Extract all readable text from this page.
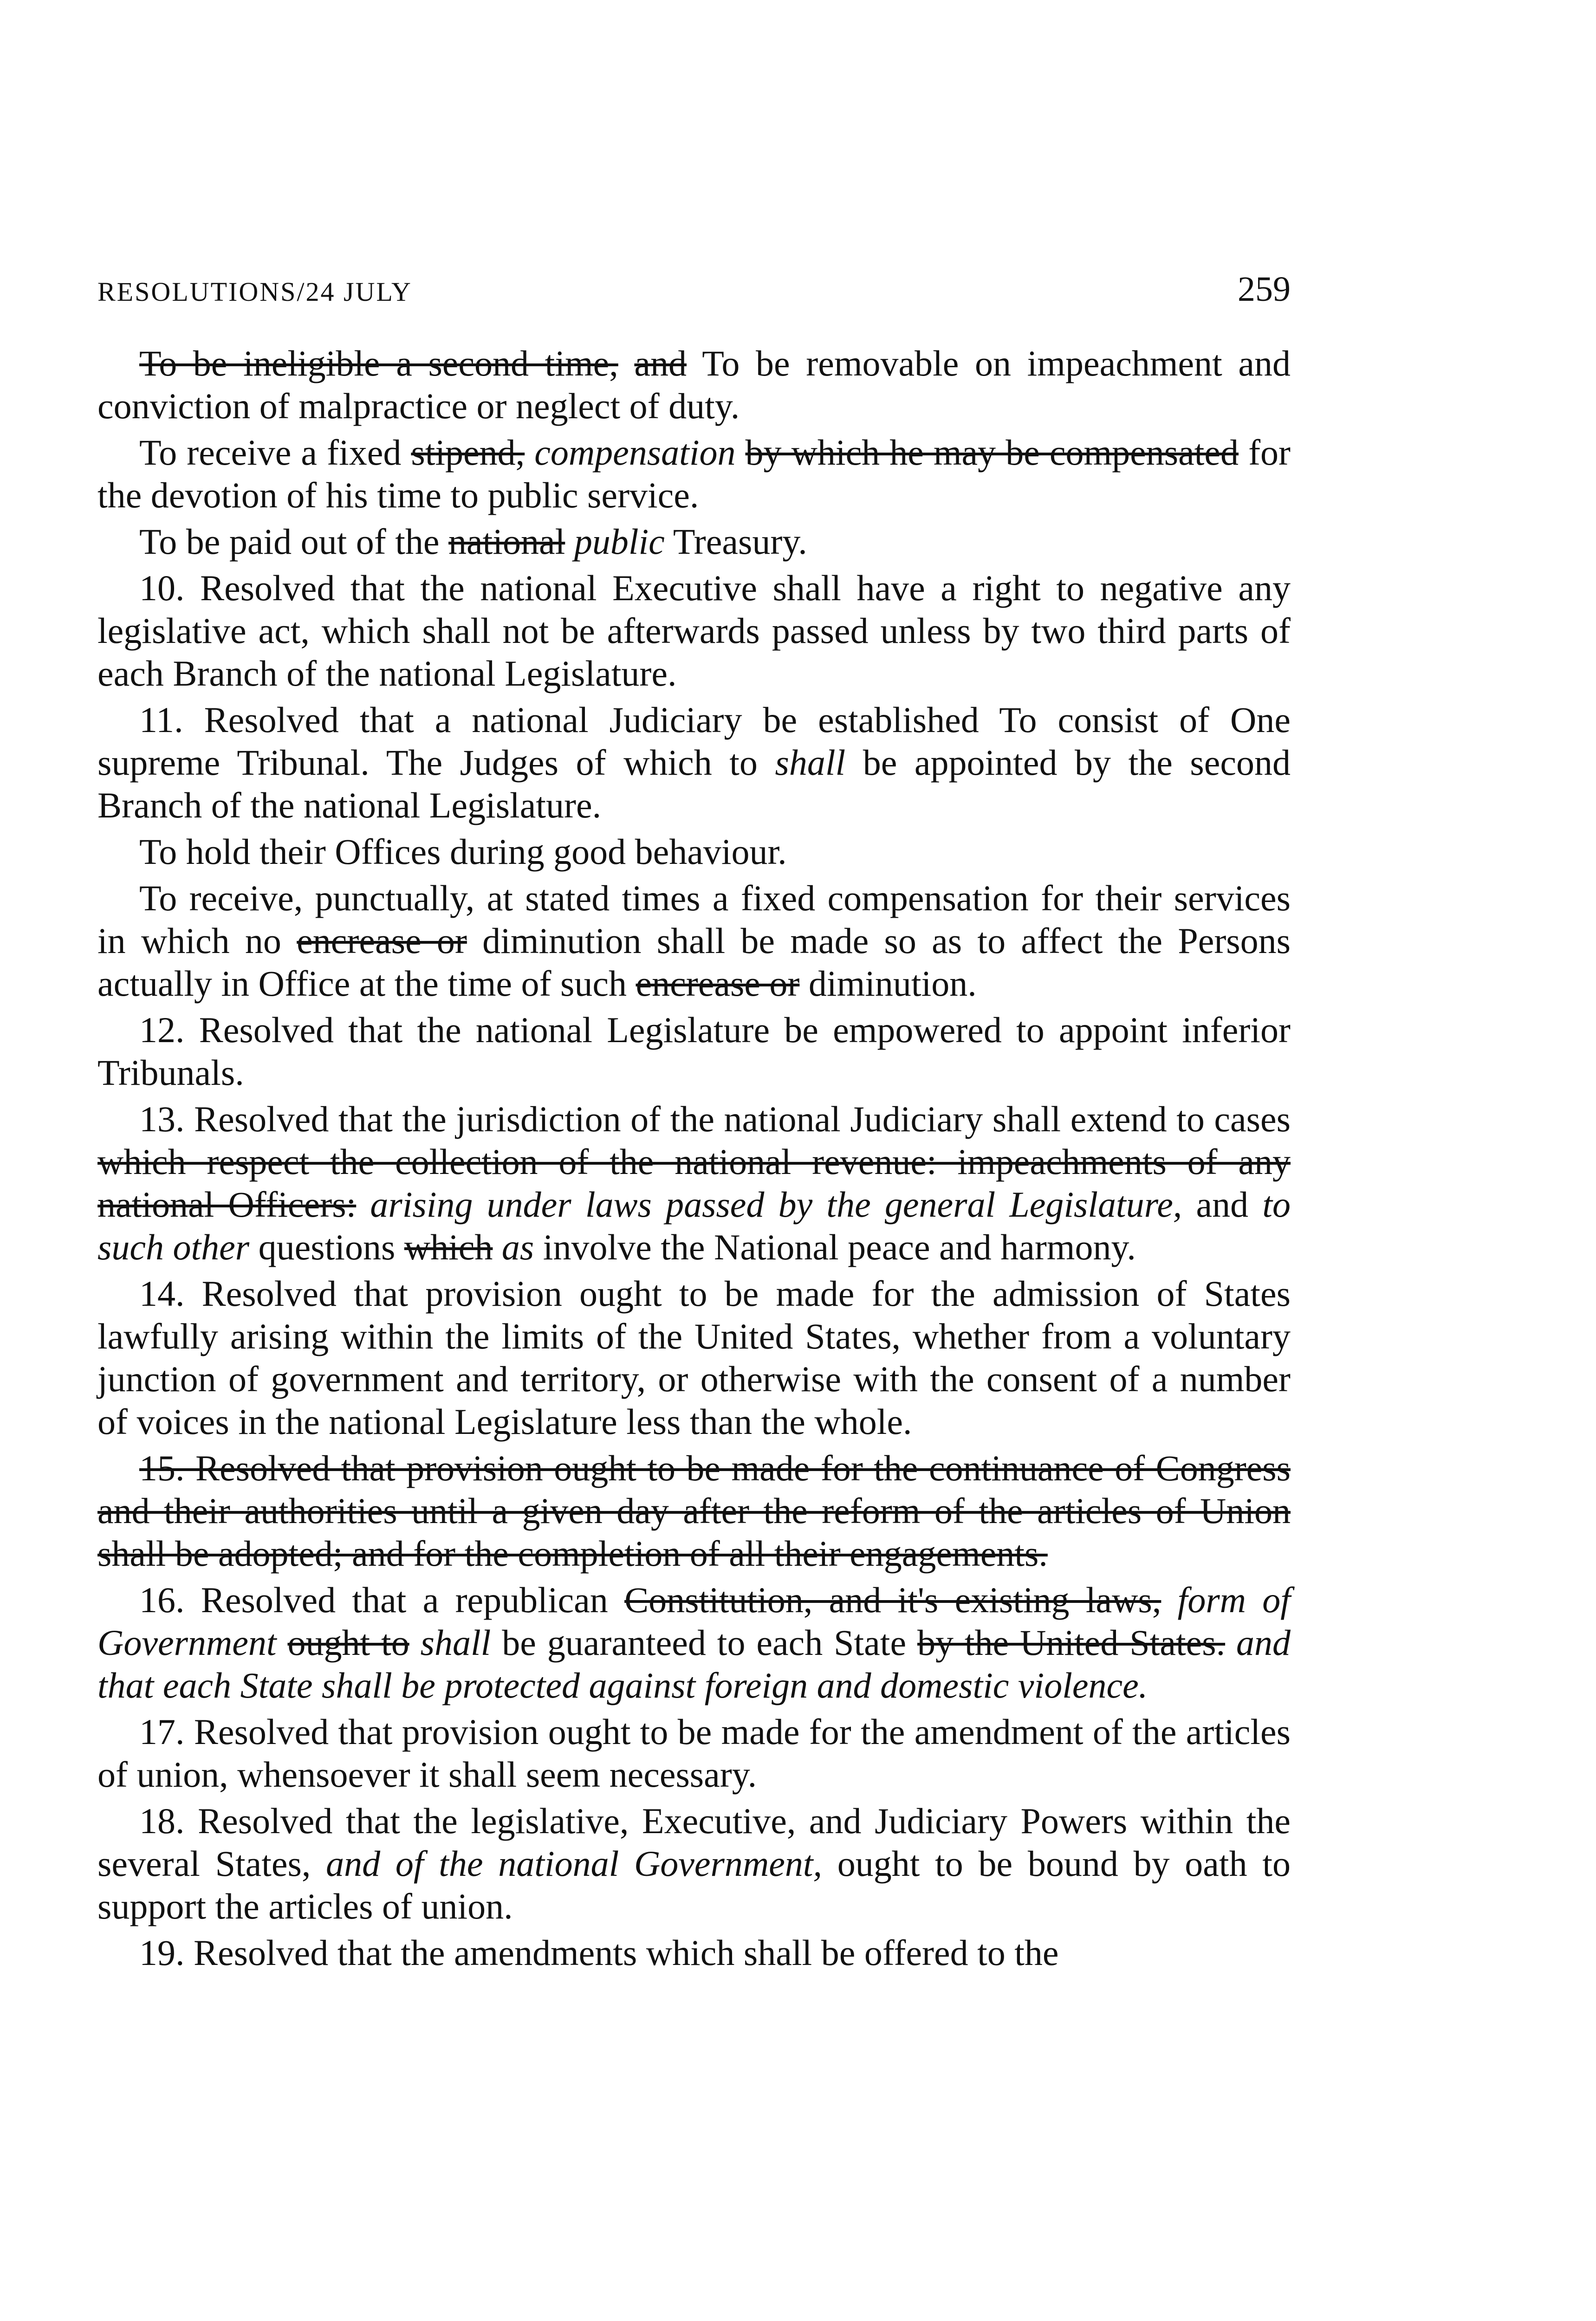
RESOLUTIONS/24 JULY	259

To be ineligible a second time, and To be removable on impeachment and conviction of malpractice or neglect of duty.

To receive a fixed stipend, compensation by which he may be compensated for the devotion of his time to public service.

To be paid out of the national public Treasury.

10. Resolved that the national Executive shall have a right to negative any legislative act, which shall not be afterwards passed unless by two third parts of each Branch of the national Legislature.

11. Resolved that a national Judiciary be established To consist of One supreme Tribunal. The Judges of which to shall be appointed by the second Branch of the national Legislature.

To hold their Offices during good behaviour.

To receive, punctually, at stated times a fixed compensation for their services in which no encrease or diminution shall be made so as to affect the Persons actually in Office at the time of such encrease or diminution.

12. Resolved that the national Legislature be empowered to appoint inferior Tribunals.

13. Resolved that the jurisdiction of the national Judiciary shall extend to cases which respect the collection of the national revenue: impeachments of any national Officers: arising under laws passed by the general Legislature, and to such other questions which as involve the National peace and harmony.

14. Resolved that provision ought to be made for the admission of States lawfully arising within the limits of the United States, whether from a voluntary junction of government and territory, or otherwise with the consent of a number of voices in the national Legislature less than the whole.

15. Resolved that provision ought to be made for the continuance of Congress and their authorities until a given day after the reform of the articles of Union shall be adopted; and for the completion of all their engagements.

16. Resolved that a republican Constitution, and it's existing laws, form of Government ought to shall be guaranteed to each State by the United States. and that each State shall be protected against foreign and domestic violence.

17. Resolved that provision ought to be made for the amendment of the articles of union, whensoever it shall seem necessary.

18. Resolved that the legislative, Executive, and Judiciary Powers within the several States, and of the national Government, ought to be bound by oath to support the articles of union.

19. Resolved that the amendments which shall be offered to the
